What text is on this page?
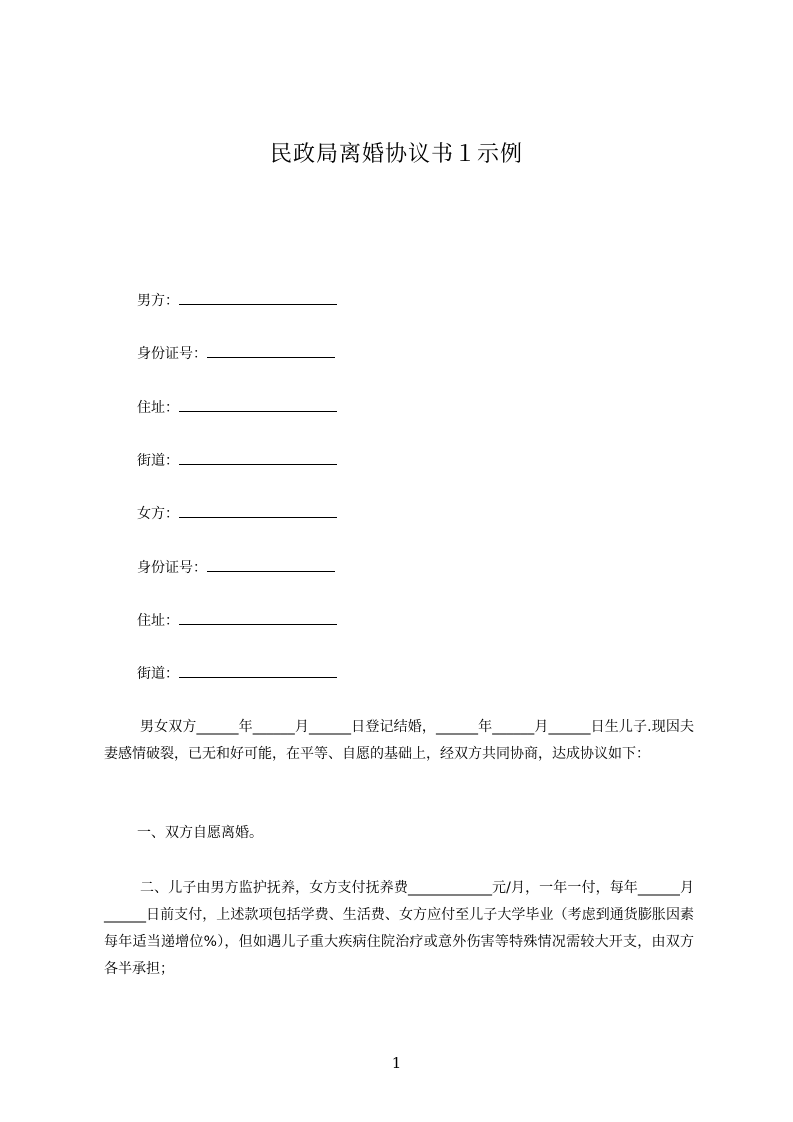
民政局离婚协议书１示例
男方：
身份证号：
住址：
街道：
女方：
身份证号：
住址：
街道：
男女双方______年______月______日登记结婚，______年______月______日生儿子.现因夫妻感情破裂，已无和好可能，在平等、自愿的基础上，经双方共同协商，达成协议如下：
一、双方自愿离婚。
二、儿子由男方监护抚养，女方支付抚养费____________元/月，一年一付，每年______月______日前支付，上述款项包括学费、生活费、女方应付至儿子大学毕业（考虑到通货膨胀因素每年适当递增位%），但如遇儿子重大疾病住院治疗或意外伤害等特殊情况需较大开支，由双方各半承担；
1
